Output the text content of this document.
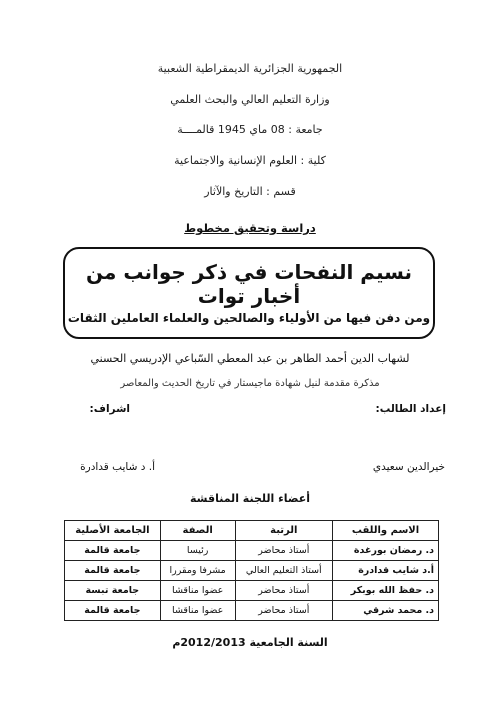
الجمهورية الجزائرية الديمقراطية الشعبية
وزارة التعليم العالي والبحث العلمي
جامعة : 08 ماي 1945 قالمــــة
كلية : العلوم الإنسانية والاجتماعية
قسم : التاريخ والآثار
دراسة وتحقيق مخطوط
نسيم النفحات في ذكر جوانب من أخبار توات
ومن دفن فيها من الأولياء والصالحين والعلماء العاملين الثقات
لشهاب الدين أحمد الطاهر بن عبد المعطي السّباعي الإدريسي الحسني
مذكرة مقدمة لنيل شهادة ماجيستار في تاريخ الحديث والمعاصر
إعداد الطالب:
اشراف:
خيرالدين سعيدي
أ. د شايب قدادرة
أعضاء اللجنة المناقشة
الاسم واللقب	الرتبة	الصفة	الجامعة الأصلية
د. رمضان بورغدة	أستاذ محاضر	رئيسا	جامعة قالمة
أ.د شايب قدادرة	أستاذ التعليم العالي	مشرفا ومقررا	جامعة قالمة
د. حفظ الله بوبكر	أستاذ محاضر	عضوا مناقشا	جامعة تبسة
د. محمد شرقي	أستاذ محاضر	عضوا مناقشا	جامعة قالمة
السنة الجامعية 2012/2013م
